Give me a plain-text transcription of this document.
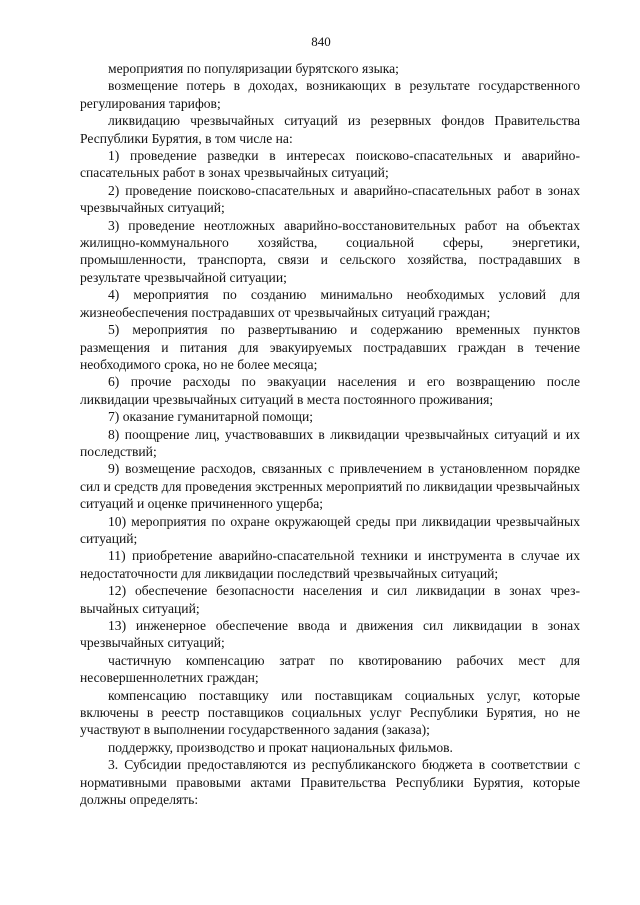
840

мероприятия по популяризации бурятского языка;

возмещение потерь в доходах, возникающих в результате государственного регулирования тарифов;

ликвидацию чрезвычайных ситуаций из резервных фондов Правительства Республики Бурятия, в том числе на:

1) проведение разведки в интересах поисково-спасательных и аварийно-спасательных работ в зонах чрезвычайных ситуаций;

2) проведение поисково-спасательных и аварийно-спасательных работ в зонах чрезвычайных ситуаций;

3) проведение неотложных аварийно-восстановительных работ на объектах жилищно-коммунального хозяйства, социальной сферы, энергетики, промышленности, транспорта, связи и сельского хозяйства, пострадавших в результате чрезвычайной ситуации;

4) мероприятия по созданию минимально необходимых условий для жизнеобеспечения пострадавших от чрезвычайных ситуаций граждан;

5) мероприятия по развертыванию и содержанию временных пунктов размещения и питания для эвакуируемых пострадавших граждан в течение необходимого срока, но не более месяца;

6) прочие расходы по эвакуации населения и его возвращению после ликвидации чрезвычайных ситуаций в места постоянного проживания;

7) оказание гуманитарной помощи;

8) поощрение лиц, участвовавших в ликвидации чрезвычайных ситуаций и их последствий;

9) возмещение расходов, связанных с привлечением в установленном порядке сил и средств для проведения экстренных мероприятий по ликвидации чрезвычайных ситуаций и оценке причиненного ущерба;

10) мероприятия по охране окружающей среды при ликвидации чрезвычайных ситуаций;

11) приобретение аварийно-спасательной техники и инструмента в случае их недостаточности для ликвидации последствий чрезвычайных ситуаций;

12) обеспечение безопасности населения и сил ликвидации в зонах чрезвычайных ситуаций;

13) инженерное обеспечение ввода и движения сил ликвидации в зонах чрезвычайных ситуаций;

частичную компенсацию затрат по квотированию рабочих мест для несовершеннолетних граждан;

компенсацию поставщику или поставщикам социальных услуг, которые включены в реестр поставщиков социальных услуг Республики Бурятия, но не участвуют в выполнении государственного задания (заказа);

поддержку, производство и прокат национальных фильмов.

3. Субсидии предоставляются из республиканского бюджета в соответствии с нормативными правовыми актами Правительства Республики Бурятия, которые должны определять:
